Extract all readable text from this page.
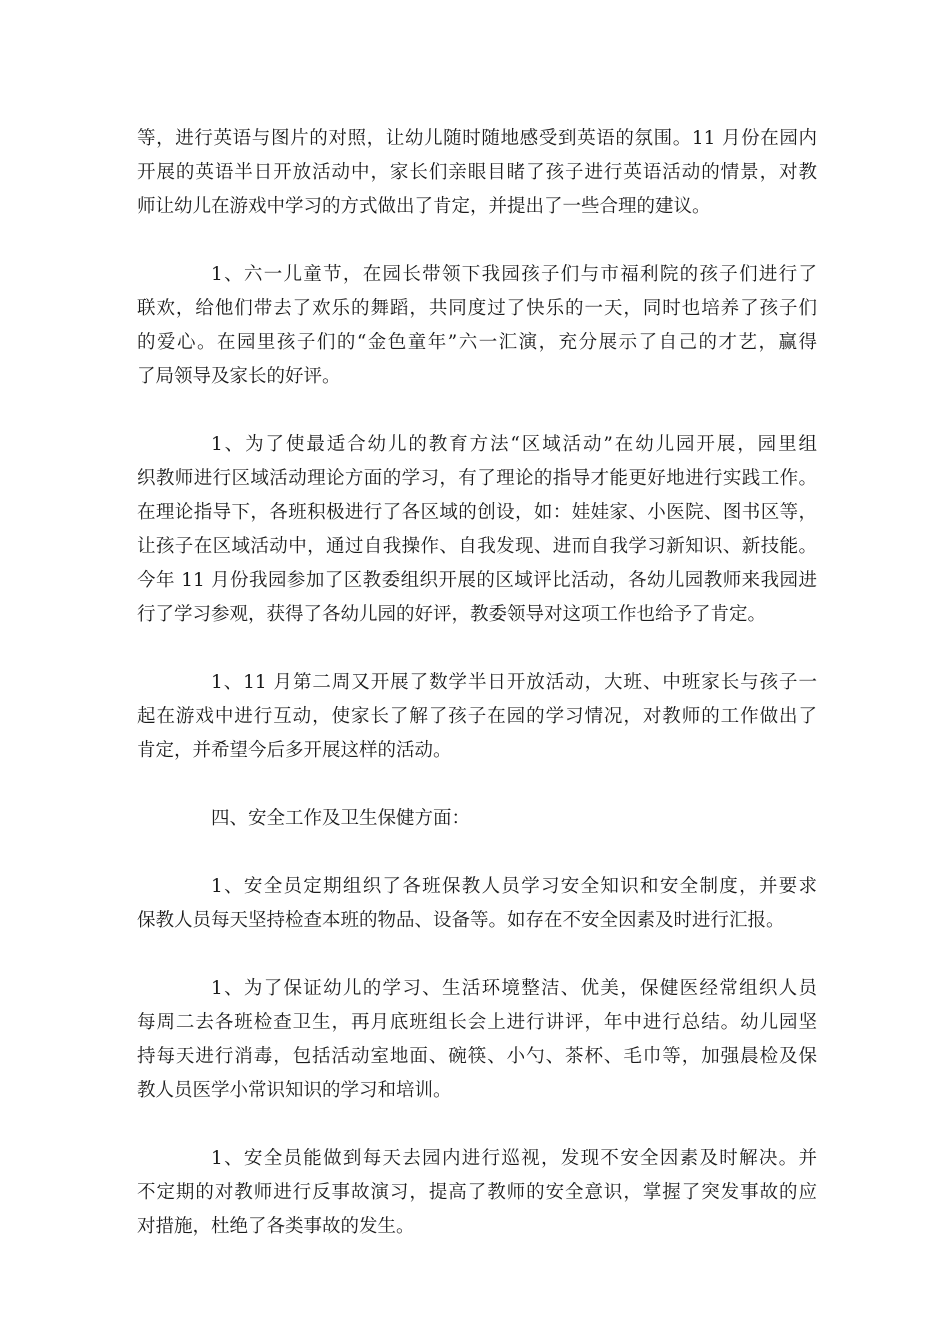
等，进行英语与图片的对照，让幼儿随时随地感受到英语的氛围。11 月份在园内
开展的英语半日开放活动中，家长们亲眼目睹了孩子进行英语活动的情景，对教
师让幼儿在游戏中学习的方式做出了肯定，并提出了一些合理的建议。
1、六一儿童节，在园长带领下我园孩子们与市福利院的孩子们进行了
联欢，给他们带去了欢乐的舞蹈，共同度过了快乐的一天，同时也培养了孩子们
的爱心。在园里孩子们的“金色童年”六一汇演，充分展示了自己的才艺，赢得
了局领导及家长的好评。
1、为了使最适合幼儿的教育方法“区域活动”在幼儿园开展，园里组
织教师进行区域活动理论方面的学习，有了理论的指导才能更好地进行实践工作。
在理论指导下，各班积极进行了各区域的创设，如：娃娃家、小医院、图书区等，
让孩子在区域活动中，通过自我操作、自我发现、进而自我学习新知识、新技能。
今年 11 月份我园参加了区教委组织开展的区域评比活动，各幼儿园教师来我园进
行了学习参观，获得了各幼儿园的好评，教委领导对这项工作也给予了肯定。
1、11 月第二周又开展了数学半日开放活动，大班、中班家长与孩子一
起在游戏中进行互动，使家长了解了孩子在园的学习情况，对教师的工作做出了
肯定，并希望今后多开展这样的活动。
四、安全工作及卫生保健方面：
1、安全员定期组织了各班保教人员学习安全知识和安全制度，并要求
保教人员每天坚持检查本班的物品、设备等。如存在不安全因素及时进行汇报。
1、为了保证幼儿的学习、生活环境整洁、优美，保健医经常组织人员
每周二去各班检查卫生，再月底班组长会上进行讲评，年中进行总结。幼儿园坚
持每天进行消毒，包括活动室地面、碗筷、小勺、茶杯、毛巾等，加强晨检及保
教人员医学小常识知识的学习和培训。
1、安全员能做到每天去园内进行巡视，发现不安全因素及时解决。并
不定期的对教师进行反事故演习，提高了教师的安全意识，掌握了突发事故的应
对措施，杜绝了各类事故的发生。
